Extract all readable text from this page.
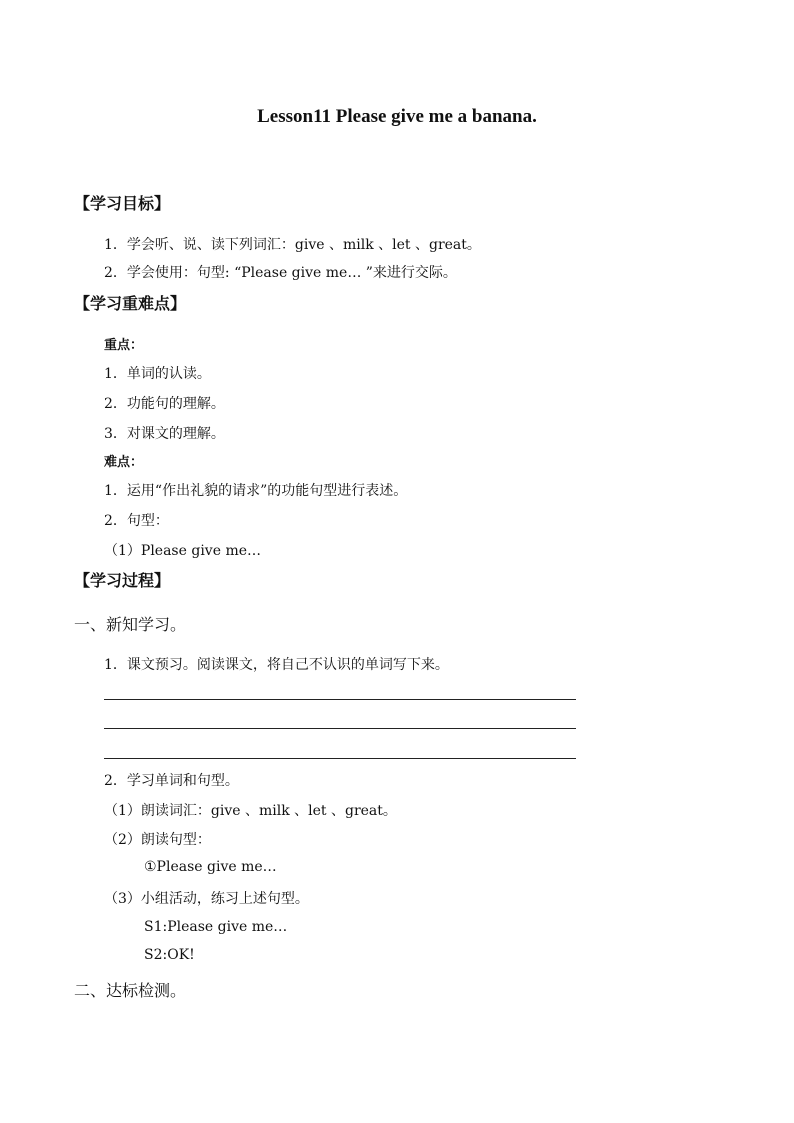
Lesson11 Please give me a banana.
【学习目标】
1．学会听、说、读下列词汇：give 、milk 、let 、great。
2．学会使用：句型: “Please give me… ”来进行交际。
【学习重难点】
重点：
1．单词的认读。
2．功能句的理解。
3．对课文的理解。
难点：
1．运用“作出礼貌的请求”的功能句型进行表述。
2．句型：
（1）Please give me…
【学习过程】
一、新知学习。
1．课文预习。阅读课文，将自己不认识的单词写下来。
2．学习单词和句型。
（1）朗读词汇：give 、milk 、let 、great。
（2）朗读句型：
①Please give me…
（3）小组活动，练习上述句型。
S1:Please give me…
S2:OK!
二、达标检测。
